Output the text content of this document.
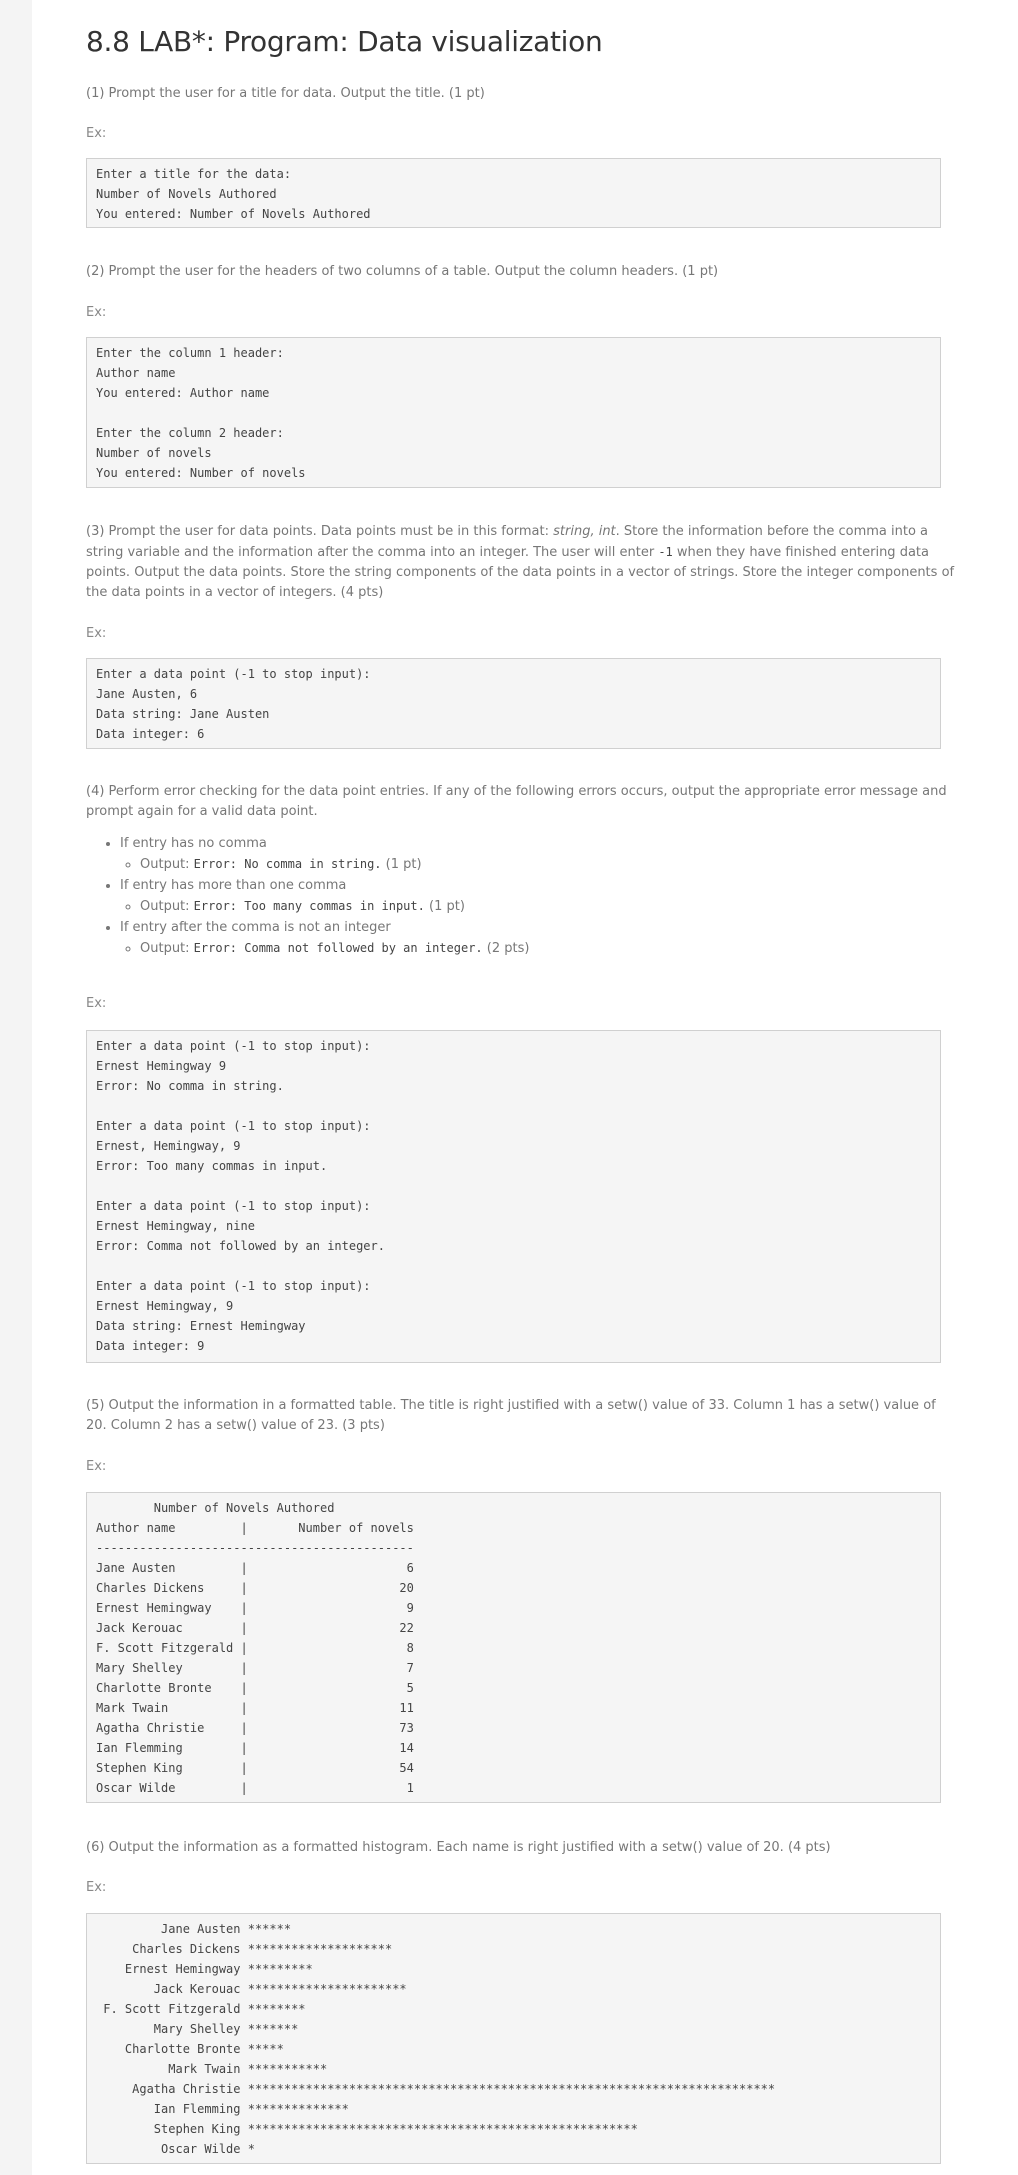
8.8 LAB*: Program: Data visualization

(1) Prompt the user for a title for data. Output the title. (1 pt)

Ex:

Enter a title for the data:
Number of Novels Authored
You entered: Number of Novels Authored

(2) Prompt the user for the headers of two columns of a table. Output the column headers. (1 pt)

Ex:

Enter the column 1 header:
Author name
You entered: Author name

Enter the column 2 header:
Number of novels
You entered: Number of novels

(3) Prompt the user for data points. Data points must be in this format: string, int. Store the information before the comma into a string variable and the information after the comma into an integer. The user will enter -1 when they have finished entering data points. Output the data points. Store the string components of the data points in a vector of strings. Store the integer components of the data points in a vector of integers. (4 pts)

Ex:

Enter a data point (-1 to stop input):
Jane Austen, 6
Data string: Jane Austen
Data integer: 6

(4) Perform error checking for the data point entries. If any of the following errors occurs, output the appropriate error message and prompt again for a valid data point.

• If entry has no comma
◦ Output: Error: No comma in string. (1 pt)
• If entry has more than one comma
◦ Output: Error: Too many commas in input. (1 pt)
• If entry after the comma is not an integer
◦ Output: Error: Comma not followed by an integer. (2 pts)

Ex:

Enter a data point (-1 to stop input):
Ernest Hemingway 9
Error: No comma in string.

Enter a data point (-1 to stop input):
Ernest, Hemingway, 9
Error: Too many commas in input.

Enter a data point (-1 to stop input):
Ernest Hemingway, nine
Error: Comma not followed by an integer.

Enter a data point (-1 to stop input):
Ernest Hemingway, 9
Data string: Ernest Hemingway
Data integer: 9

(5) Output the information in a formatted table. The title is right justified with a setw() value of 33. Column 1 has a setw() value of 20. Column 2 has a setw() value of 23. (3 pts)

Ex:

Number of Novels Authored
Author name         |       Number of novels
--------------------------------------------
Jane Austen         |                      6
Charles Dickens     |                     20
Ernest Hemingway    |                      9
Jack Kerouac        |                     22
F. Scott Fitzgerald |                      8
Mary Shelley        |                      7
Charlotte Bronte    |                      5
Mark Twain          |                     11
Agatha Christie     |                     73
Ian Flemming        |                     14
Stephen King        |                     54
Oscar Wilde         |                      1

(6) Output the information as a formatted histogram. Each name is right justified with a setw() value of 20. (4 pts)

Ex:

Jane Austen ******
Charles Dickens ********************
Ernest Hemingway *********
Jack Kerouac **********************
F. Scott Fitzgerald ********
Mary Shelley *******
Charlotte Bronte *****
Mark Twain ***********
Agatha Christie *************************************************************************
Ian Flemming **************
Stephen King ******************************************************
Oscar Wilde *
